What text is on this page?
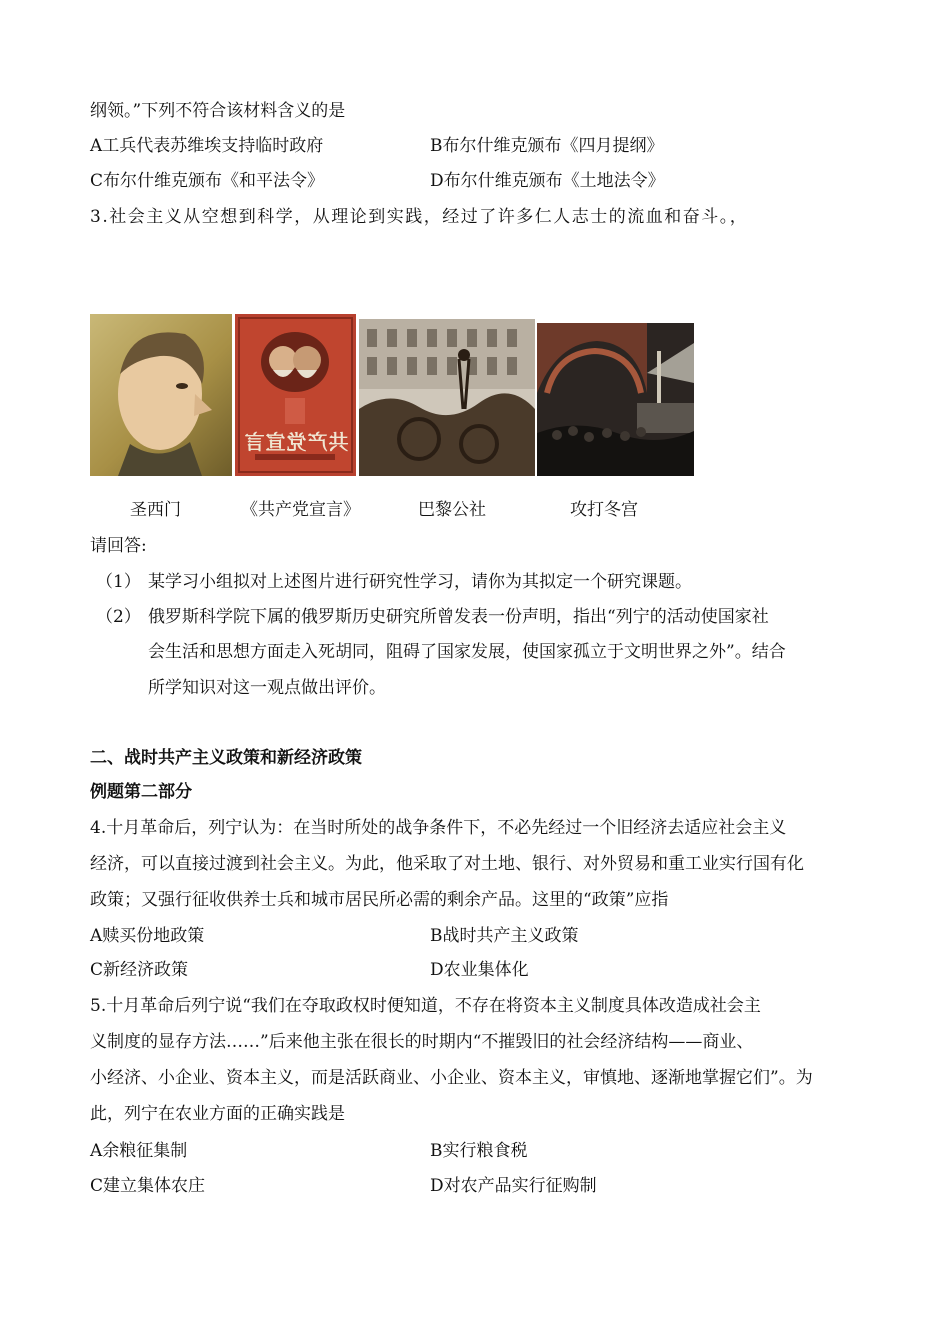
纲领。”下列不符合该材料含义的是
A工兵代表苏维埃支持临时政府	B布尔什维克颁布《四月提纲》
C布尔什维克颁布《和平法令》	D布尔什维克颁布《土地法令》
3.社会主义从空想到科学，从理论到实践，经过了许多仁人志士的流血和奋斗。，
共产党宣言
圣西门	《共产党宣言》	巴黎公社	攻打冬宫
请回答:
（1） 某学习小组拟对上述图片进行研究性学习，请你为其拟定一个研究课题。
（2） 俄罗斯科学院下属的俄罗斯历史研究所曾发表一份声明，指出“列宁的活动使国家社
会生活和思想方面走入死胡同，阻碍了国家发展，使国家孤立于文明世界之外”。结合
所学知识对这一观点做出评价。
二、战时共产主义政策和新经济政策
例题第二部分
4.十月革命后，列宁认为：在当时所处的战争条件下，不必先经过一个旧经济去适应社会主义
经济，可以直接过渡到社会主义。为此，他采取了对土地、银行、对外贸易和重工业实行国有化
政策；又强行征收供养士兵和城市居民所必需的剩余产品。这里的“政策”应指
A赎买份地政策	B战时共产主义政策
C新经济政策	D农业集体化
5.十月革命后列宁说“我们在夺取政权时便知道，不存在将资本主义制度具体改造成社会主
义制度的显存方法……”后来他主张在很长的时期内“不摧毁旧的社会经济结构——商业、
小经济、小企业、资本主义，而是活跃商业、小企业、资本主义，审慎地、逐渐地掌握它们”。为
此，列宁在农业方面的正确实践是
A余粮征集制	B实行粮食税
C建立集体农庄	D对农产品实行征购制
